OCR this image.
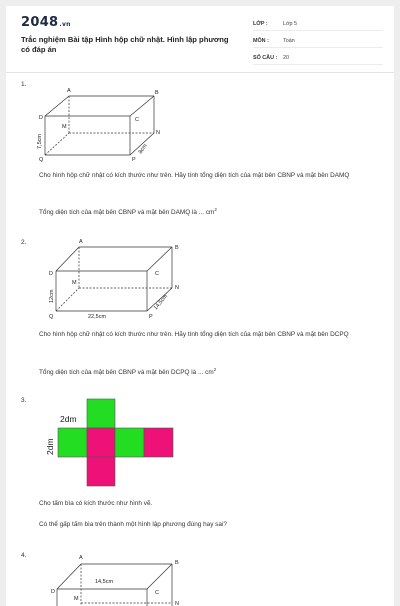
2048.vn
Trắc nghiệm Bài tập Hình hộp chữ nhật. Hình lập phương có đáp án
LỚP :	Lớp 5
MÔN :	Toán
SỐ CÂU :	20
1.
A	B
C
D
M
N
P
Q
7,5cm
8cm
Cho hình hộp chữ nhật có kích thước như trên. Hãy tính tổng diện tích của mặt bên CBNP và mặt bên DAMQ
Tổng diện tích của mặt bên CBNP và mặt bên DAMQ là ... $cm^2$
2.	A
B
C
D
M
N
P
Q
12cm
22,5cm
14,5cm
Cho hình hộp chữ nhật có kích thước như trên. Hãy tính tổng diện tích của mặt bên CBNP và mặt bên DCPQ
Tổng diện tích của mặt bên CBNP và mặt bên DCPQ là ... $cm^2$
3.
2dm
2dm
Cho tấm bìa có kích thước như hình vẽ.
Có thể gấp tấm bìa trên thành một hình lập phương đúng hay sai?
4.	A
B
C
D
M
N
14,5cm
